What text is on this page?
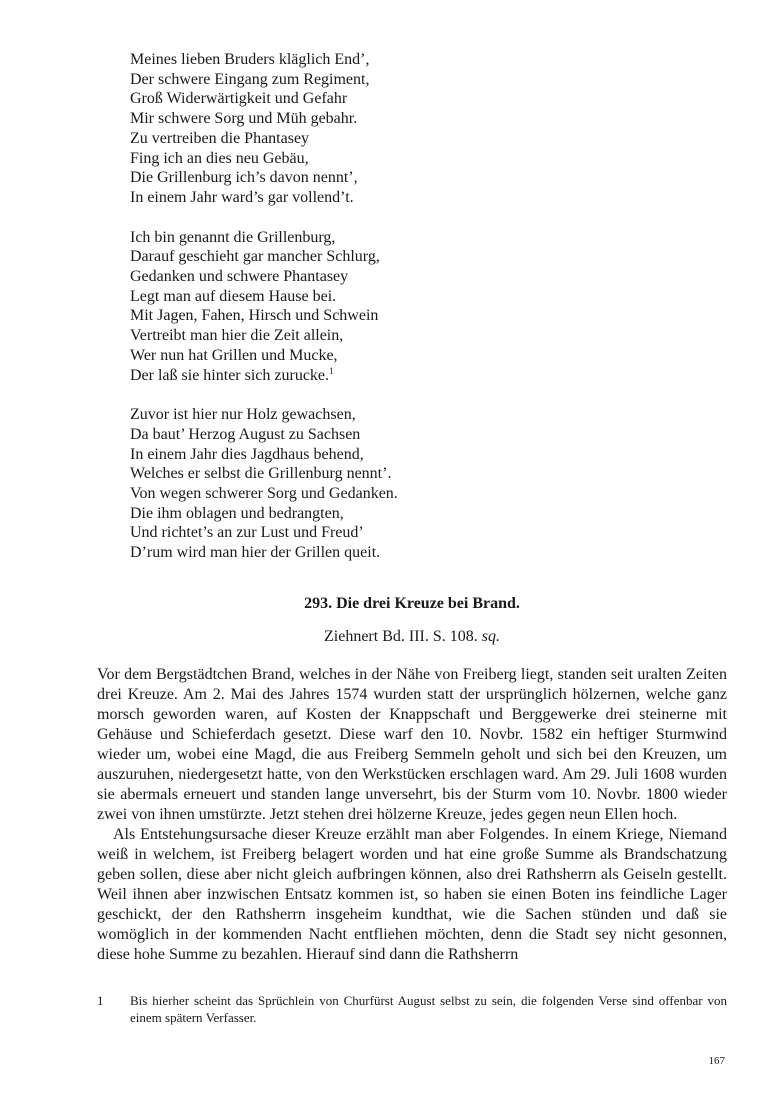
Meines lieben Bruders kläglich End’,
Der schwere Eingang zum Regiment,
Groß Widerwärtigkeit und Gefahr
Mir schwere Sorg und Müh gebahr.
Zu vertreiben die Phantasey
Fing ich an dies neu Gebäu,
Die Grillenburg ich’s davon nennt’,
In einem Jahr ward’s gar vollend’t.
Ich bin genannt die Grillenburg,
Darauf geschieht gar mancher Schlurg,
Gedanken und schwere Phantasey
Legt man auf diesem Hause bei.
Mit Jagen, Fahen, Hirsch und Schwein
Vertreibt man hier die Zeit allein,
Wer nun hat Grillen und Mucke,
Der laß sie hinter sich zurucke.$^1$
Zuvor ist hier nur Holz gewachsen,
Da baut’ Herzog August zu Sachsen
In einem Jahr dies Jagdhaus behend,
Welches er selbst die Grillenburg nennt’.
Von wegen schwerer Sorg und Gedanken.
Die ihm oblagen und bedrangten,
Und richtet’s an zur Lust und Freud’
D’rum wird man hier der Grillen queit.
293. Die drei Kreuze bei Brand.
Ziehnert Bd. III. S. 108. sq.

Vor dem Bergstädtchen Brand, welches in der Nähe von Freiberg liegt, standen seit uralten Zeiten drei Kreuze. Am 2. Mai des Jahres 1574 wurden statt der ursprünglich hölzernen, welche ganz morsch geworden waren, auf Kosten der Knappschaft und Berggewerke drei steinerne mit Gehäuse und Schieferdach gesetzt. Diese warf den 10. Novbr. 1582 ein heftiger Sturmwind wieder um, wobei eine Magd, die aus Freiberg Semmeln geholt und sich bei den Kreuzen, um auszuruhen, niedergesetzt hatte, von den Werkstücken erschlagen ward. Am 29. Juli 1608 wurden sie abermals erneuert und standen lange unversehrt, bis der Sturm vom 10. Novbr. 1800 wieder zwei von ihnen umstürzte. Jetzt stehen drei hölzerne Kreuze, jedes gegen neun Ellen hoch.

Als Entstehungsursache dieser Kreuze erzählt man aber Folgendes. In einem Kriege, Niemand weiß in welchem, ist Freiberg belagert worden und hat eine große Summe als Brandschatzung geben sollen, diese aber nicht gleich aufbringen können, also drei Rathsherrn als Geiseln gestellt. Weil ihnen aber inzwischen Entsatz kommen ist, so haben sie einen Boten ins feindliche Lager geschickt, der den Rathsherrn insgeheim kundthat, wie die Sachen stünden und daß sie womöglich in der kommenden Nacht entfliehen möchten, denn die Stadt sey nicht gesonnen, diese hohe Summe zu bezahlen. Hierauf sind dann die Rathsherrn

1 Bis hierher scheint das Sprüchlein von Churfürst August selbst zu sein, die folgenden Verse sind offenbar von einem spätern Verfasser.
167
